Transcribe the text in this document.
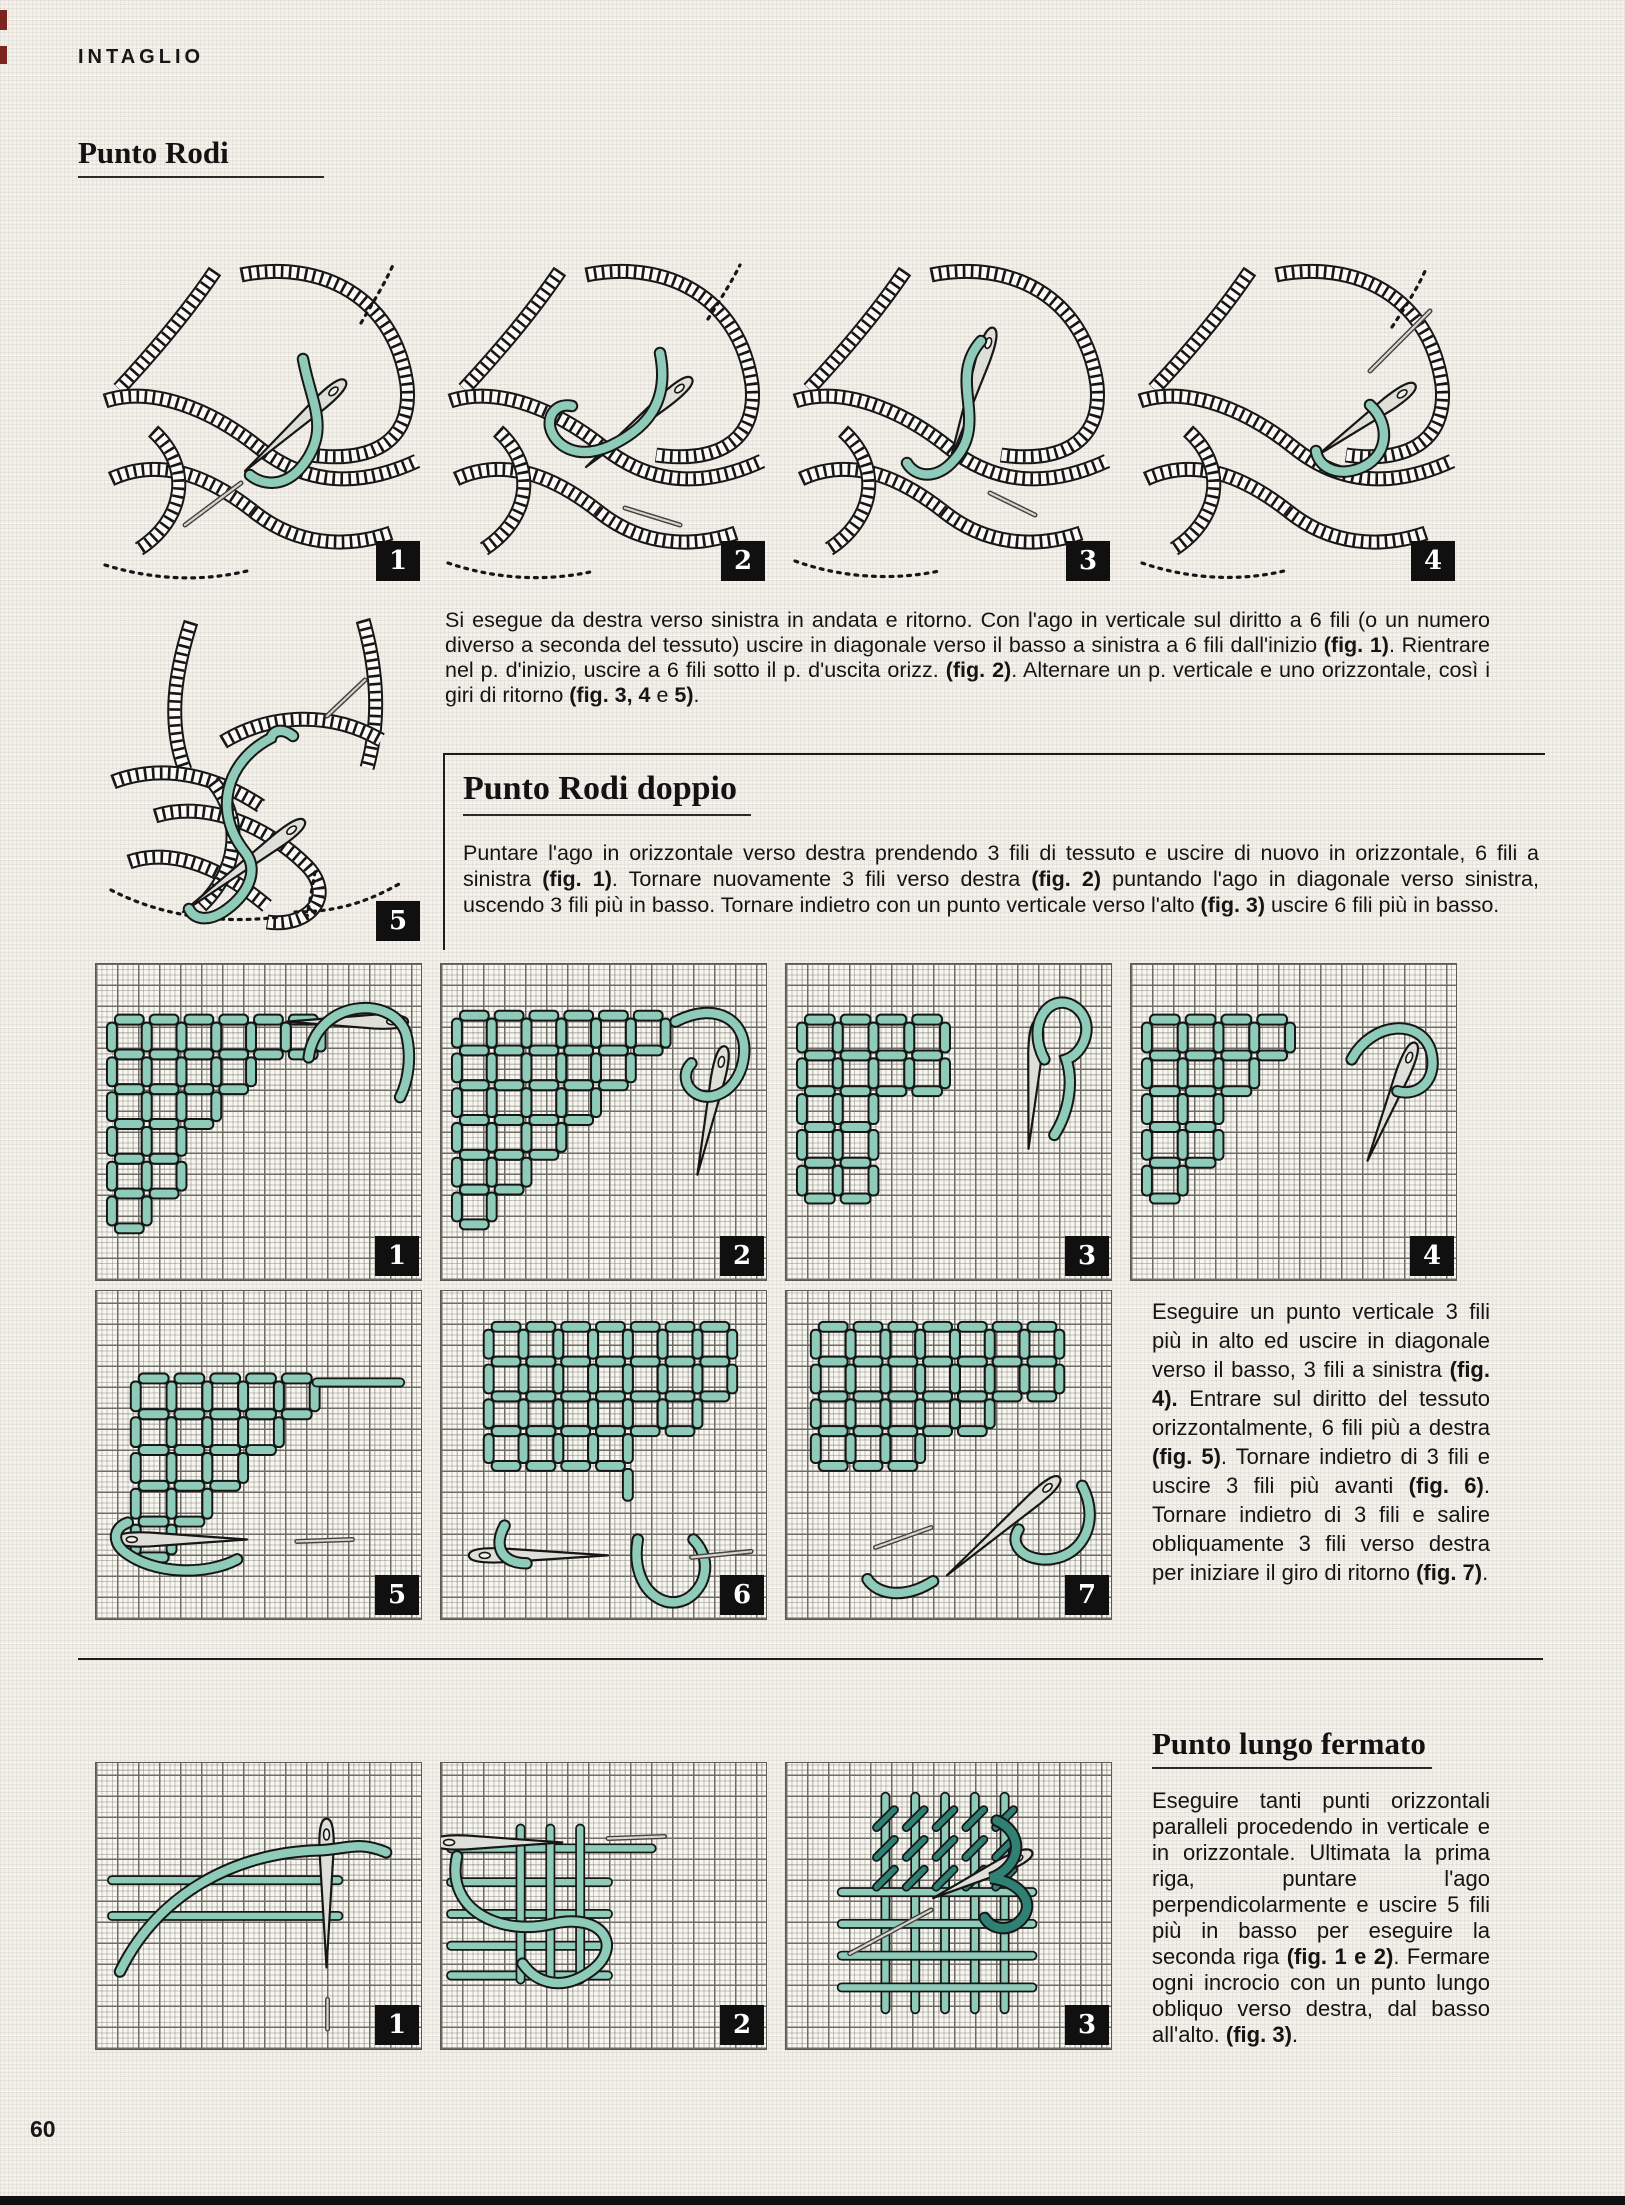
INTAGLIO
Punto Rodi
1	2	3	4
5
Si esegue da destra verso sinistra in andata e ritorno. Con l'ago in verticale sul diritto a 6 fili (o un numero diverso a seconda del tessuto) uscire in diagonale verso il basso a sinistra a 6 fili dall'inizio (fig. 1). Rientrare nel p. d'inizio, uscire a 6 fili sotto il p. d'uscita orizz. (fig. 2). Alternare un p. verticale e uno orizzontale, così i giri di ritorno (fig. 3, 4 e 5).
Punto Rodi doppio
Puntare l'ago in orizzontale verso destra prendendo 3 fili di tessuto e uscire di nuovo in orizzontale, 6 fili a sinistra (fig. 1). Tornare nuovamente 3 fili verso destra (fig. 2) puntando l'ago in diagonale verso sinistra, uscendo 3 fili più in basso. Tornare indietro con un punto verticale verso l'alto (fig. 3) uscire 6 fili più in basso.
1	2	3	4
5	6	7
Eseguire un punto verticale 3 fili più in alto ed uscire in diagonale verso il basso, 3 fili a sinistra (fig. 4). Entrare sul diritto del tessuto orizzontalmente, 6 fili più a destra (fig. 5). Tornare indietro di 3 fili e uscire 3 fili più avanti (fig. 6). Tornare indietro di 3 fili e salire obliquamente 3 fili verso destra per iniziare il giro di ritorno (fig. 7).
Punto lungo fermato
Eseguire tanti punti orizzontali paralleli procedendo in verticale e in orizzontale. Ultimata la prima riga, puntare l'ago perpendicolarmente e uscire 5 fili più in basso per eseguire la seconda riga (fig. 1 e 2). Fermare ogni incrocio con un punto lungo obliquo verso destra, dal basso all'alto. (fig. 3).
1	2	3
60
